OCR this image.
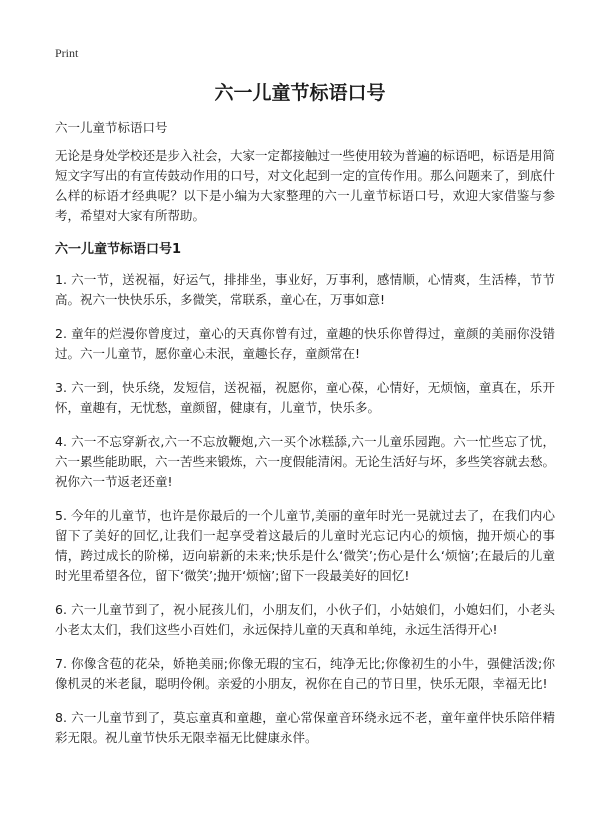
Print
六一儿童节标语口号

六一儿童节标语口号

无论是身处学校还是步入社会，大家一定都接触过一些使用较为普遍的标语吧，标语是用简短文字写出的有宣传鼓动作用的口号，对文化起到一定的宣传作用。那么问题来了，到底什么样的标语才经典呢？以下是小编为大家整理的六一儿童节标语口号，欢迎大家借鉴与参考，希望对大家有所帮助。

六一儿童节标语口号1

1. 六一节，送祝福，好运气，排排坐，事业好，万事利，感情顺，心情爽，生活棒，节节高。祝六一快快乐乐，多微笑，常联系，童心在，万事如意!

2. 童年的烂漫你曾度过，童心的天真你曾有过，童趣的快乐你曾得过，童颜的美丽你没错过。六一儿童节，愿你童心未泯，童趣长存，童颜常在!

3. 六一到，快乐绕，发短信，送祝福，祝愿你，童心葆，心情好，无烦恼，童真在，乐开怀，童趣有，无忧愁，童颜留，健康有，儿童节，快乐多。

4. 六一不忘穿新衣,六一不忘放鞭炮,六一买个冰糕舔,六一儿童乐园跑。六一忙些忘了忧，六一累些能助眠，六一苦些来锻炼，六一度假能清闲。无论生活好与坏，多些笑容就去愁。祝你六一节返老还童!

5. 今年的儿童节，也许是你最后的一个儿童节,美丽的童年时光一晃就过去了，在我们内心留下了美好的回忆,让我们一起享受着这最后的儿童时光忘记内心的烦恼，抛开烦心的事情，跨过成长的阶梯，迈向崭新的未来;快乐是什么‘微笑’;伤心是什么‘烦恼’;在最后的儿童时光里希望各位，留下‘微笑’;抛开‘烦恼’;留下一段最美好的回忆!

6. 六一儿童节到了，祝小屁孩儿们，小朋友们，小伙子们，小姑娘们，小媳妇们，小老头小老太太们，我们这些小百姓们，永远保持儿童的天真和单纯，永远生活得开心!

7. 你像含苞的花朵，娇艳美丽;你像无瑕的宝石，纯净无比;你像初生的小牛，强健活泼;你像机灵的米老鼠，聪明伶俐。亲爱的小朋友，祝你在自己的节日里，快乐无限，幸福无比!

8. 六一儿童节到了，莫忘童真和童趣，童心常保童音环绕永远不老，童年童伴快乐陪伴精彩无限。祝儿童节快乐无限幸福无比健康永伴。
